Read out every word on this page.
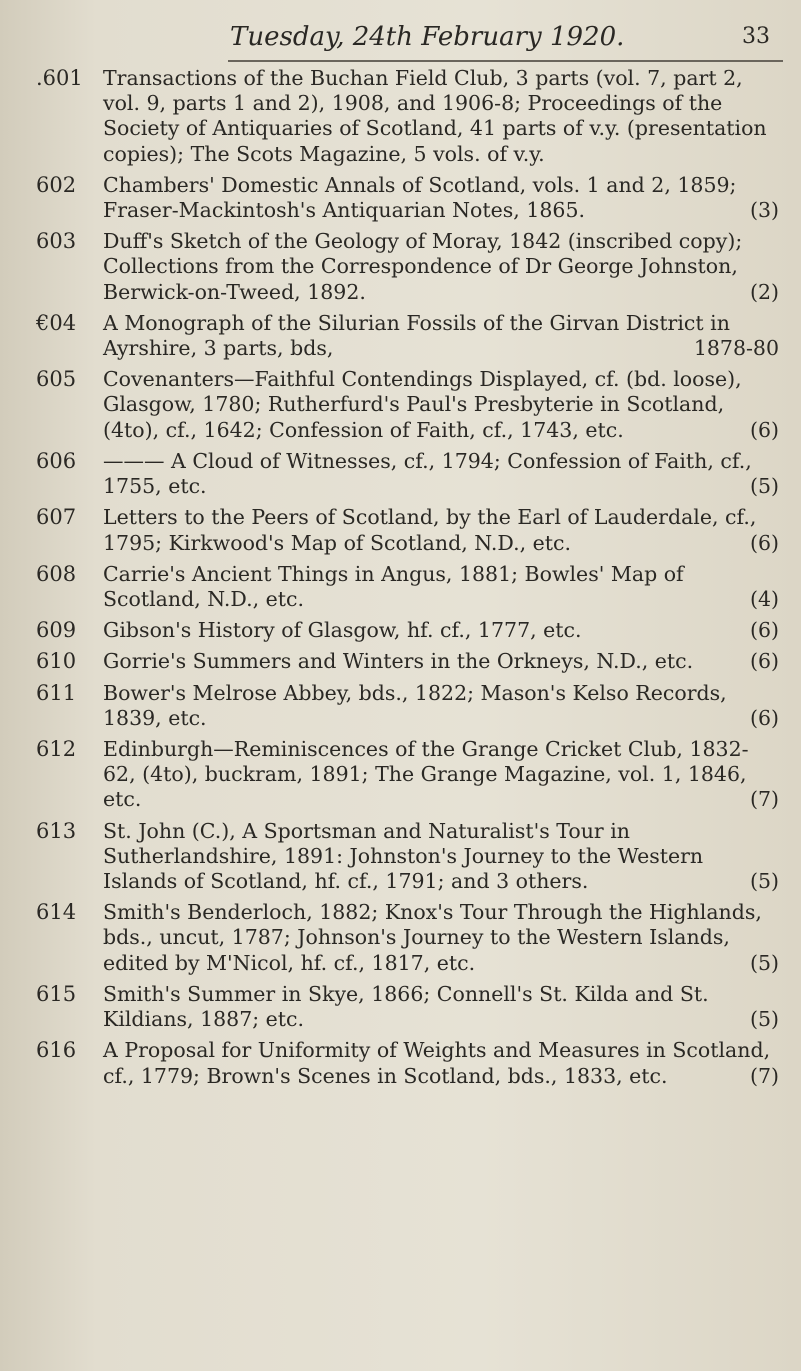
Tuesday, 24th February 1920.	33
.601 Transactions of the Buchan Field Club, 3 parts (vol. 7, part 2, vol. 9, parts 1 and 2), 1908, and 1906-8; Proceedings of the Society of Antiquaries of Scotland, 41 parts of v.y. (presentation copies); The Scots Magazine, 5 vols. of v.y.
602 Chambers' Domestic Annals of Scotland, vols. 1 and 2, 1859; Fraser-Mackintosh's Antiquarian Notes, 1865.	(3)
603 Duff's Sketch of the Geology of Moray, 1842 (inscribed copy); Collections from the Correspondence of Dr George Johnston, Berwick-on-Tweed, 1892.	(2)
€04 A Monograph of the Silurian Fossils of the Girvan District in Ayrshire, 3 parts, bds,	1878-80
605 Covenanters—Faithful Contendings Displayed, cf. (bd. loose), Glasgow, 1780; Rutherfurd's Paul's Presbyterie in Scotland, (4to), cf., 1642; Confession of Faith, cf., 1743, etc.	(6)
606 ——— A Cloud of Witnesses, cf., 1794; Confession of Faith, cf., 1755, etc.	(5)
607 Letters to the Peers of Scotland, by the Earl of Lauderdale, cf., 1795; Kirkwood's Map of Scotland, N.D., etc.	(6)
608 Carrie's Ancient Things in Angus, 1881; Bowles' Map of Scotland, N.D., etc.	(4)
609 Gibson's History of Glasgow, hf. cf., 1777, etc.	(6)
610 Gorrie's Summers and Winters in the Orkneys, N.D., etc.	(6)
611 Bower's Melrose Abbey, bds., 1822; Mason's Kelso Records, 1839, etc.	(6)
612 Edinburgh—Reminiscences of the Grange Cricket Club, 1832-62, (4to), buckram, 1891; The Grange Magazine, vol. 1, 1846, etc.	(7)
613 St. John (C.), A Sportsman and Naturalist's Tour in Sutherlandshire, 1891: Johnston's Journey to the Western Islands of Scotland, hf. cf., 1791; and 3 others.	(5)
614 Smith's Benderloch, 1882; Knox's Tour Through the Highlands, bds., uncut, 1787; Johnson's Journey to the Western Islands, edited by M'Nicol, hf. cf., 1817, etc.	(5)
615 Smith's Summer in Skye, 1866; Connell's St. Kilda and St. Kildians, 1887; etc.	(5)
616 A Proposal for Uniformity of Weights and Measures in Scotland, cf., 1779; Brown's Scenes in Scotland, bds., 1833, etc.	(7)
